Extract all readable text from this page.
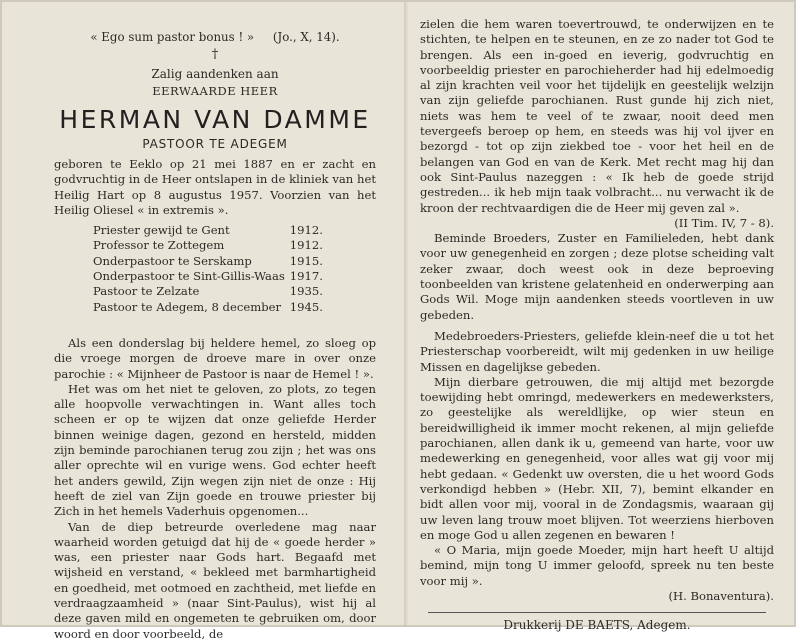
« Ego sum pastor bonus ! »     (Jo., X, 14).
†
Zalig aandenken aan
EERWAARDE HEER
HERMAN VAN DAMME
PASTOOR TE ADEGEM

geboren te Eeklo op 21 mei 1887 en er zacht en godvruchtig in de Heer ontslapen in de kliniek van het Heilig Hart op 8 augustus 1957. Voorzien van het Heilig Oliesel « in extremis ».

Priester gewijd te Gent	1912.
Professor te Zottegem	1912.
Onderpastoor te Serskamp	1915.
Onderpastoor te Sint-Gillis-Waas 1917.
Pastoor te Zelzate	1935.
Pastoor te Adegem, 8 december 1945.

Als een donderslag bij heldere hemel, zo sloeg op die vroege morgen de droeve mare in over onze parochie : « Mijnheer de Pastoor is naar de Hemel ! ».

Het was om het niet te geloven, zo plots, zo tegen alle hoopvolle verwachtingen in. Want alles toch scheen er op te wijzen dat onze geliefde Herder binnen weinige dagen, gezond en hersteld, midden zijn beminde parochianen terug zou zijn ; het was ons aller oprechte wil en vurige wens. God echter heeft het anders gewild, Zijn wegen zijn niet de onze : Hij heeft de ziel van Zijn goede en trouwe priester bij Zich in het hemels Vaderhuis opgenomen...

Van de diep betreurde overledene mag naar waarheid worden getuigd dat hij de « goede herder » was, een priester naar Gods hart. Begaafd met wijsheid en verstand, « bekleed met barmhartigheid en goedheid, met ootmoed en zachtheid, met liefde en verdraagzaamheid » (naar Sint-Paulus), wist hij al deze gaven mild en ongemeten te gebruiken om, door woord en door voorbeeld, de

zielen die hem waren toevertrouwd, te onderwijzen en te stichten, te helpen en te steunen, en ze zo nader tot God te brengen. Als een in-goed en ieverig, godvruchtig en voorbeeldig priester en parochieherder had hij edelmoedig al zijn krachten veil voor het tijdelijk en geestelijk welzijn van zijn geliefde parochianen. Rust gunde hij zich niet, niets was hem te veel of te zwaar, nooit deed men tevergeefs beroep op hem, en steeds was hij vol ijver en bezorgd - tot op zijn ziekbed toe - voor het heil en de belangen van God en van de Kerk. Met recht mag hij dan ook Sint-Paulus nazeggen : « Ik heb de goede strijd gestreden... ik heb mijn taak volbracht... nu verwacht ik de kroon der rechtvaardigen die de Heer mij geven zal ».

(II Tim. IV, 7 - 8).

Beminde Broeders, Zuster en Familieleden, hebt dank voor uw genegenheid en zorgen ; deze plotse scheiding valt zeker zwaar, doch weest ook in deze beproeving toonbeelden van kristene gelatenheid en onderwerping aan Gods Wil. Moge mijn aandenken steeds voortleven in uw gebeden.

Medebroeders-Priesters, geliefde klein-neef die u tot het Priesterschap voorbereidt, wilt mij gedenken in uw heilige Missen en dagelijkse gebeden.

Mijn dierbare getrouwen, die mij altijd met bezorgde toewijding hebt omringd, medewerkers en medewerksters, zo geestelijke als wereldlijke, op wier steun en bereidwilligheid ik immer mocht rekenen, al mijn geliefde parochianen, allen dank ik u, gemeend van harte, voor uw medewerking en genegenheid, voor alles wat gij voor mij hebt gedaan. « Gedenkt uw oversten, die u het woord Gods verkondigd hebben » (Hebr. XII, 7), bemint elkander en bidt allen voor mij, vooral in de Zondagsmis, waaraan gij uw leven lang trouw moet blijven. Tot weerziens hierboven en moge God u allen zegenen en bewaren !

« O Maria, mijn goede Moeder, mijn hart heeft U altijd bemind, mijn tong U immer geloofd, spreek nu ten beste voor mij ».

(H. Bonaventura).

Drukkerij DE BAETS, Adegem.
